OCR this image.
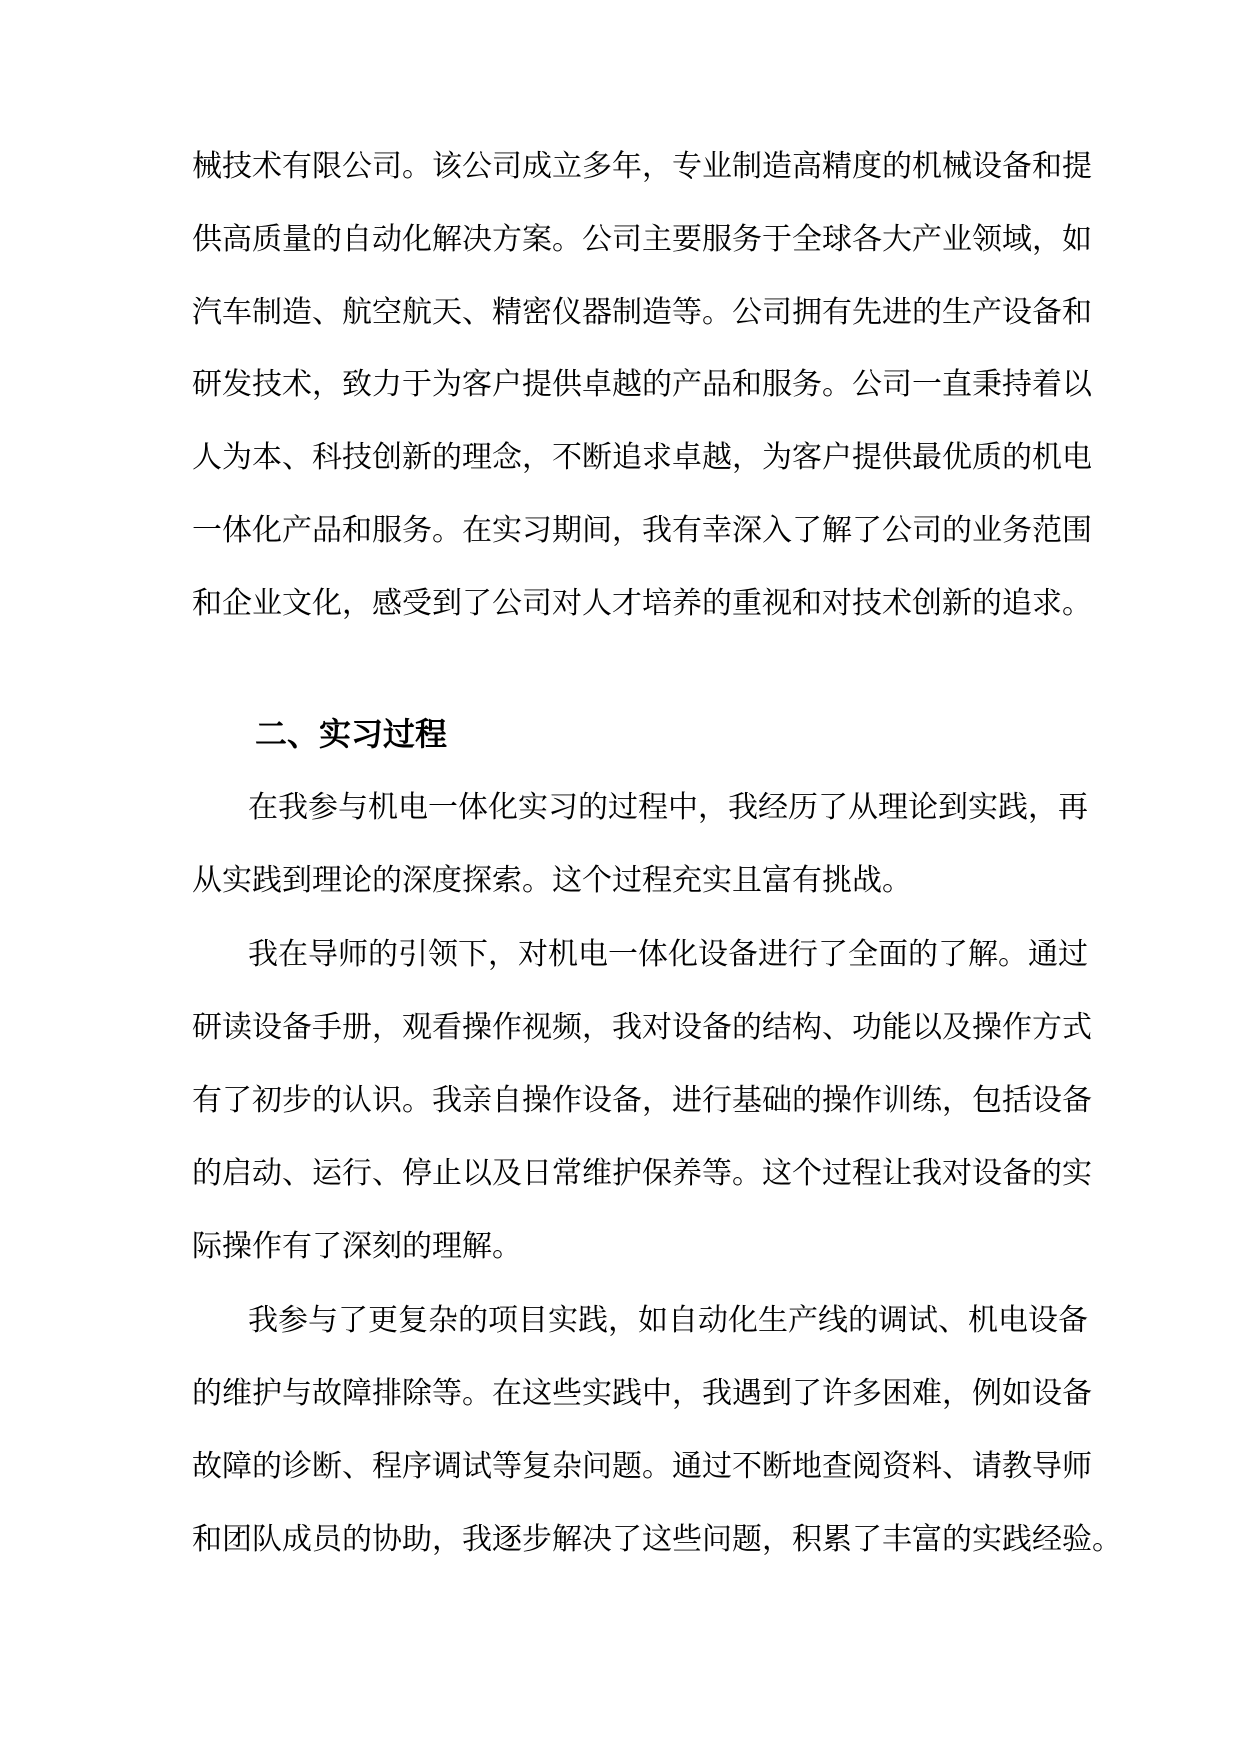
械技术有限公司。该公司成立多年，专业制造高精度的机械设备和提
供高质量的自动化解决方案。公司主要服务于全球各大产业领域，如
汽车制造、航空航天、精密仪器制造等。公司拥有先进的生产设备和
研发技术，致力于为客户提供卓越的产品和服务。公司一直秉持着以
人为本、科技创新的理念，不断追求卓越，为客户提供最优质的机电
一体化产品和服务。在实习期间，我有幸深入了解了公司的业务范围
和企业文化，感受到了公司对人才培养的重视和对技术创新的追求。
二、实习过程
在我参与机电一体化实习的过程中，我经历了从理论到实践，再
从实践到理论的深度探索。这个过程充实且富有挑战。
我在导师的引领下，对机电一体化设备进行了全面的了解。通过
研读设备手册，观看操作视频，我对设备的结构、功能以及操作方式
有了初步的认识。我亲自操作设备，进行基础的操作训练，包括设备
的启动、运行、停止以及日常维护保养等。这个过程让我对设备的实
际操作有了深刻的理解。
我参与了更复杂的项目实践，如自动化生产线的调试、机电设备
的维护与故障排除等。在这些实践中，我遇到了许多困难，例如设备
故障的诊断、程序调试等复杂问题。通过不断地查阅资料、请教导师
和团队成员的协助，我逐步解决了这些问题，积累了丰富的实践经验。
